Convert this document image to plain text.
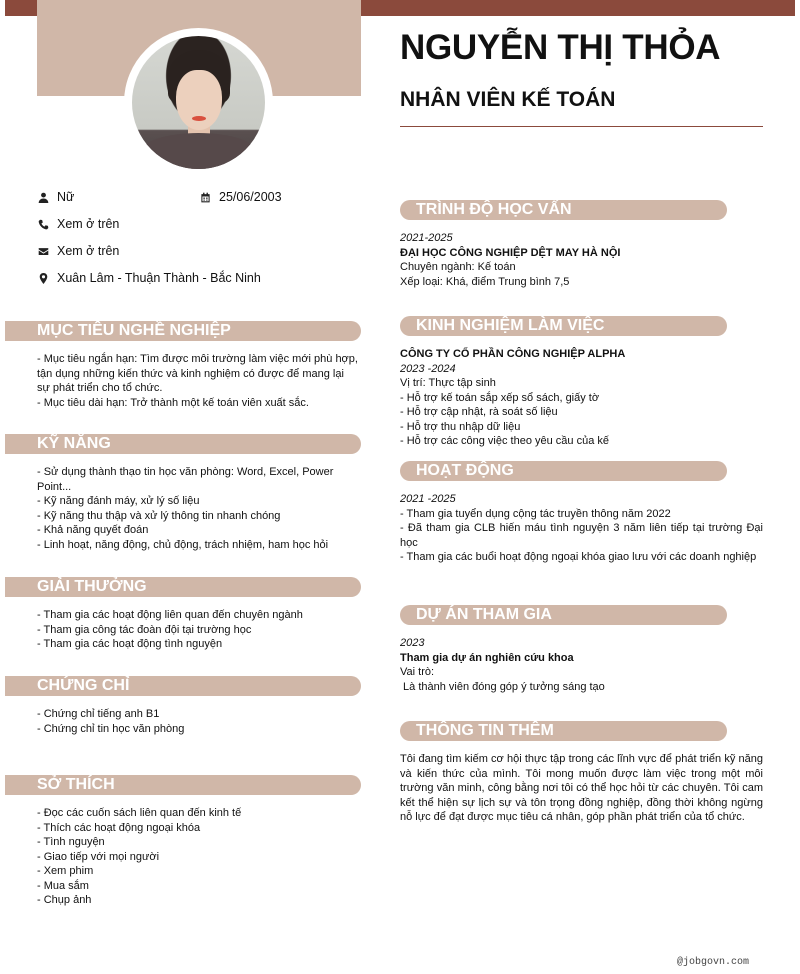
NGUYỄN THỊ THỎA
NHÂN VIÊN KẾ TOÁN
Nữ	25/06/2003
Xem ở trên
Xem ở trên
Xuân Lâm - Thuận Thành - Bắc Ninh
MỤC TIÊU NGHỀ NGHIỆP
- Mục tiêu ngắn hạn: Tìm được môi trường làm việc mới phù hợp, tận dụng những kiến thức và kinh nghiệm có được để mang lại sự phát triển cho tổ chức.
- Mục tiêu dài hạn: Trở thành một kế toán viên xuất sắc.
KỸ NĂNG
- Sử dụng thành thạo tin học văn phòng: Word, Excel, Power Point...
- Kỹ năng đánh máy, xử lý số liệu
- Kỹ năng thu thập và xử lý thông tin nhanh chóng
- Khả năng quyết đoán
- Linh hoạt, năng động, chủ động, trách nhiệm, ham học hỏi
GIẢI THƯỞNG
- Tham gia các hoạt động liên quan đến chuyên ngành
- Tham gia công tác đoàn đội tại trường học
- Tham gia các hoạt động tình nguyện
CHỨNG CHỈ
- Chứng chỉ tiếng anh B1
- Chứng chỉ tin học văn phòng
SỞ THÍCH
- Đọc các cuốn sách liên quan đến kinh tế
- Thích các hoạt động ngoại khóa
- Tình nguyện
- Giao tiếp với mọi người
- Xem phim
- Mua sắm
- Chụp ảnh
TRÌNH ĐỘ HỌC VẤN
2021-2025
ĐẠI HỌC CÔNG NGHIỆP DỆT MAY HÀ NỘI
Chuyên ngành: Kế toán
Xếp loại: Khá, điểm Trung bình 7,5
KINH NGHIỆM LÀM VIỆC
CÔNG TY CỔ PHẦN CÔNG NGHIỆP ALPHA
2023 -2024
Vị trí: Thực tập sinh
- Hỗ trợ kế toán sắp xếp sổ sách, giấy tờ
- Hỗ trợ cập nhật, rà soát số liệu
- Hỗ trợ thu nhập dữ liệu
- Hỗ trợ các công việc theo yêu cầu của kế
HOẠT ĐỘNG
2021 -2025
- Tham gia tuyển dụng cộng tác truyền thông năm 2022
- Đã tham gia CLB hiến máu tình nguyện 3 năm liên tiếp tại trường Đại học
- Tham gia các buổi hoạt động ngoại khóa giao lưu với các doanh nghiệp
DỰ ÁN THAM GIA
2023
Tham gia dự án nghiên cứu khoa
Vai trò:
Là thành viên đóng góp ý tưởng sáng tạo
THÔNG TIN THÊM
Tôi đang tìm kiếm cơ hội thực tập trong các lĩnh vực để phát triển kỹ năng và kiến thức của mình. Tôi mong muốn được làm việc trong một môi trường văn minh, công bằng nơi tôi có thể học hỏi từ các chuyên. Tôi cam kết thể hiện sự lịch sự và tôn trọng đồng nghiệp, đồng thời không ngừng nỗ lực để đạt được mục tiêu cá nhân, góp phần phát triển của tổ chức.
@jobgovn.com
